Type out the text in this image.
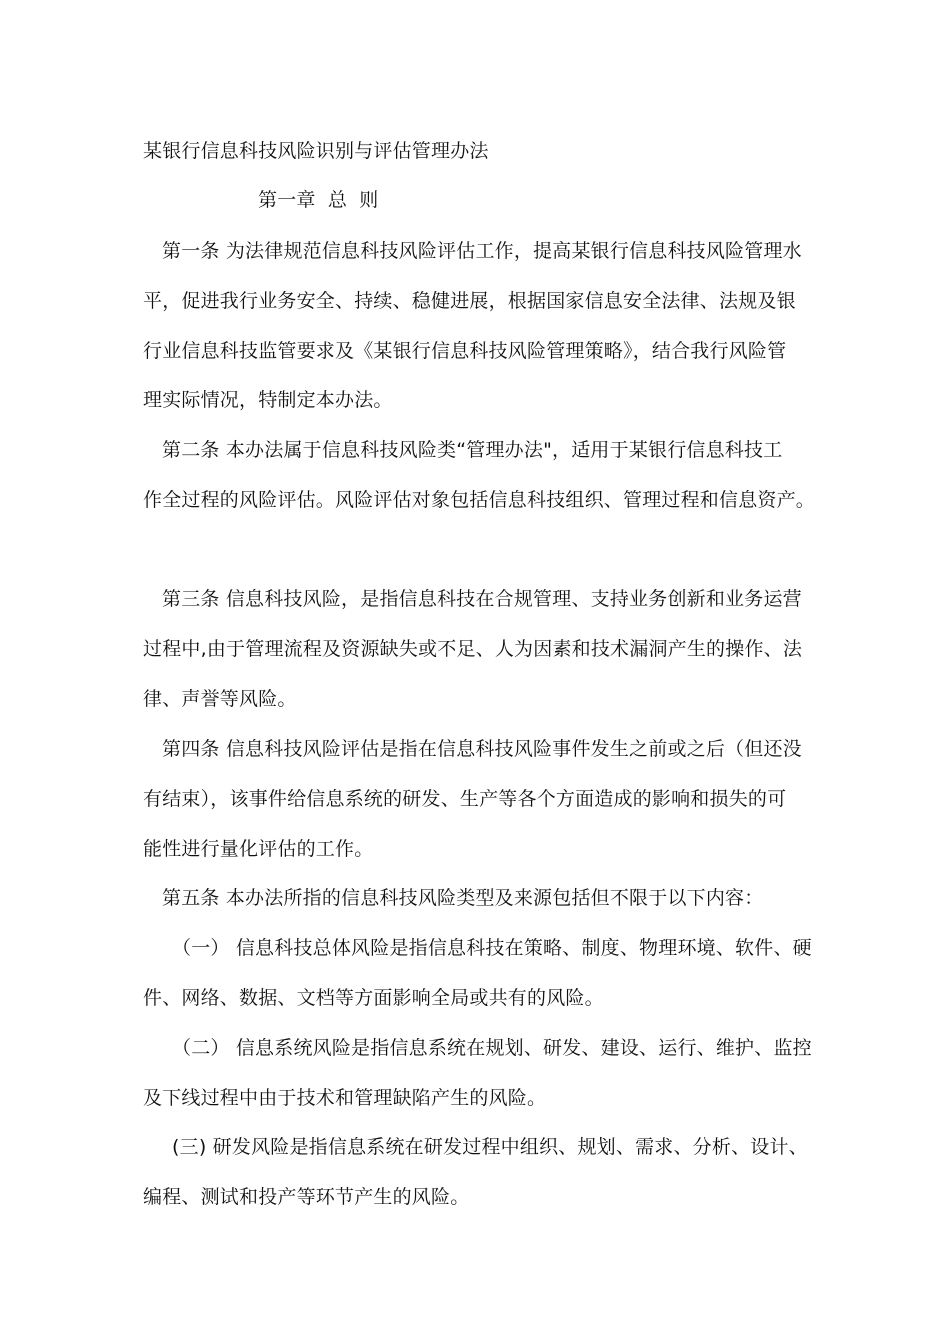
某银行信息科技风险识别与评估管理办法
第一章 总 则
第一条 为法律规范信息科技风险评估工作，提高某银行信息科技风险管理水
平，促进我行业务安全、持续、稳健进展，根据国家信息安全法律、法规及银
行业信息科技监管要求及《某银行信息科技风险管理策略》，结合我行风险管
理实际情况，特制定本办法。
第二条 本办法属于信息科技风险类“管理办法"，适用于某银行信息科技工
作全过程的风险评估。风险评估对象包括信息科技组织、管理过程和信息资产。
第三条 信息科技风险，是指信息科技在合规管理、支持业务创新和业务运营
过程中,由于管理流程及资源缺失或不足、人为因素和技术漏洞产生的操作、法
律、声誉等风险。
第四条 信息科技风险评估是指在信息科技风险事件发生之前或之后（但还没
有结束），该事件给信息系统的研发、生产等各个方面造成的影响和损失的可
能性进行量化评估的工作。
第五条 本办法所指的信息科技风险类型及来源包括但不限于以下内容：
（一） 信息科技总体风险是指信息科技在策略、制度、物理环境、软件、硬
件、网络、数据、文档等方面影响全局或共有的风险。
（二） 信息系统风险是指信息系统在规划、研发、建设、运行、维护、监控
及下线过程中由于技术和管理缺陷产生的风险。
(三) 研发风险是指信息系统在研发过程中组织、规划、需求、分析、设计、
编程、测试和投产等环节产生的风险。
